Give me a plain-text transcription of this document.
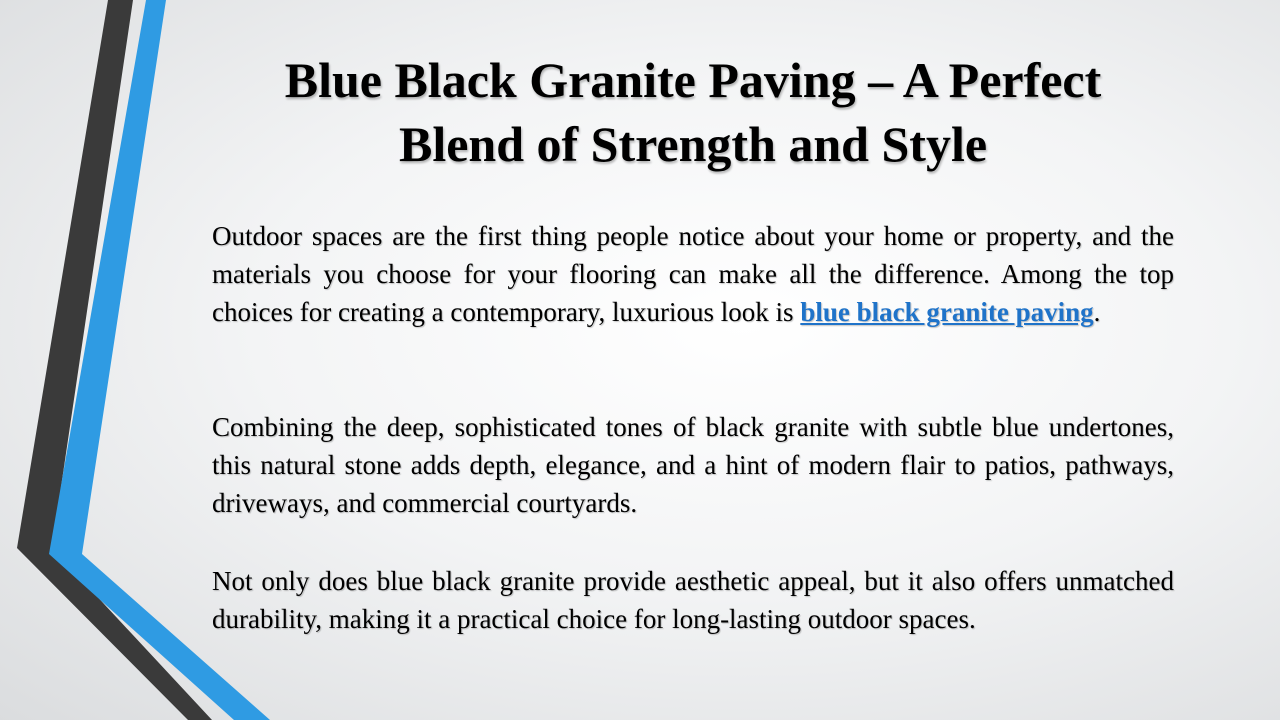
Blue Black Granite Paving – A Perfect
Blend of Strength and Style

Outdoor spaces are the first thing people notice about your home or property, and the materials you choose for your flooring can make all the difference. Among the top choices for creating a contemporary, luxurious look is blue black granite paving.

Combining the deep, sophisticated tones of black granite with subtle blue undertones, this natural stone adds depth, elegance, and a hint of modern flair to patios, pathways, driveways, and commercial courtyards.

Not only does blue black granite provide aesthetic appeal, but it also offers unmatched durability, making it a practical choice for long-lasting outdoor spaces.
